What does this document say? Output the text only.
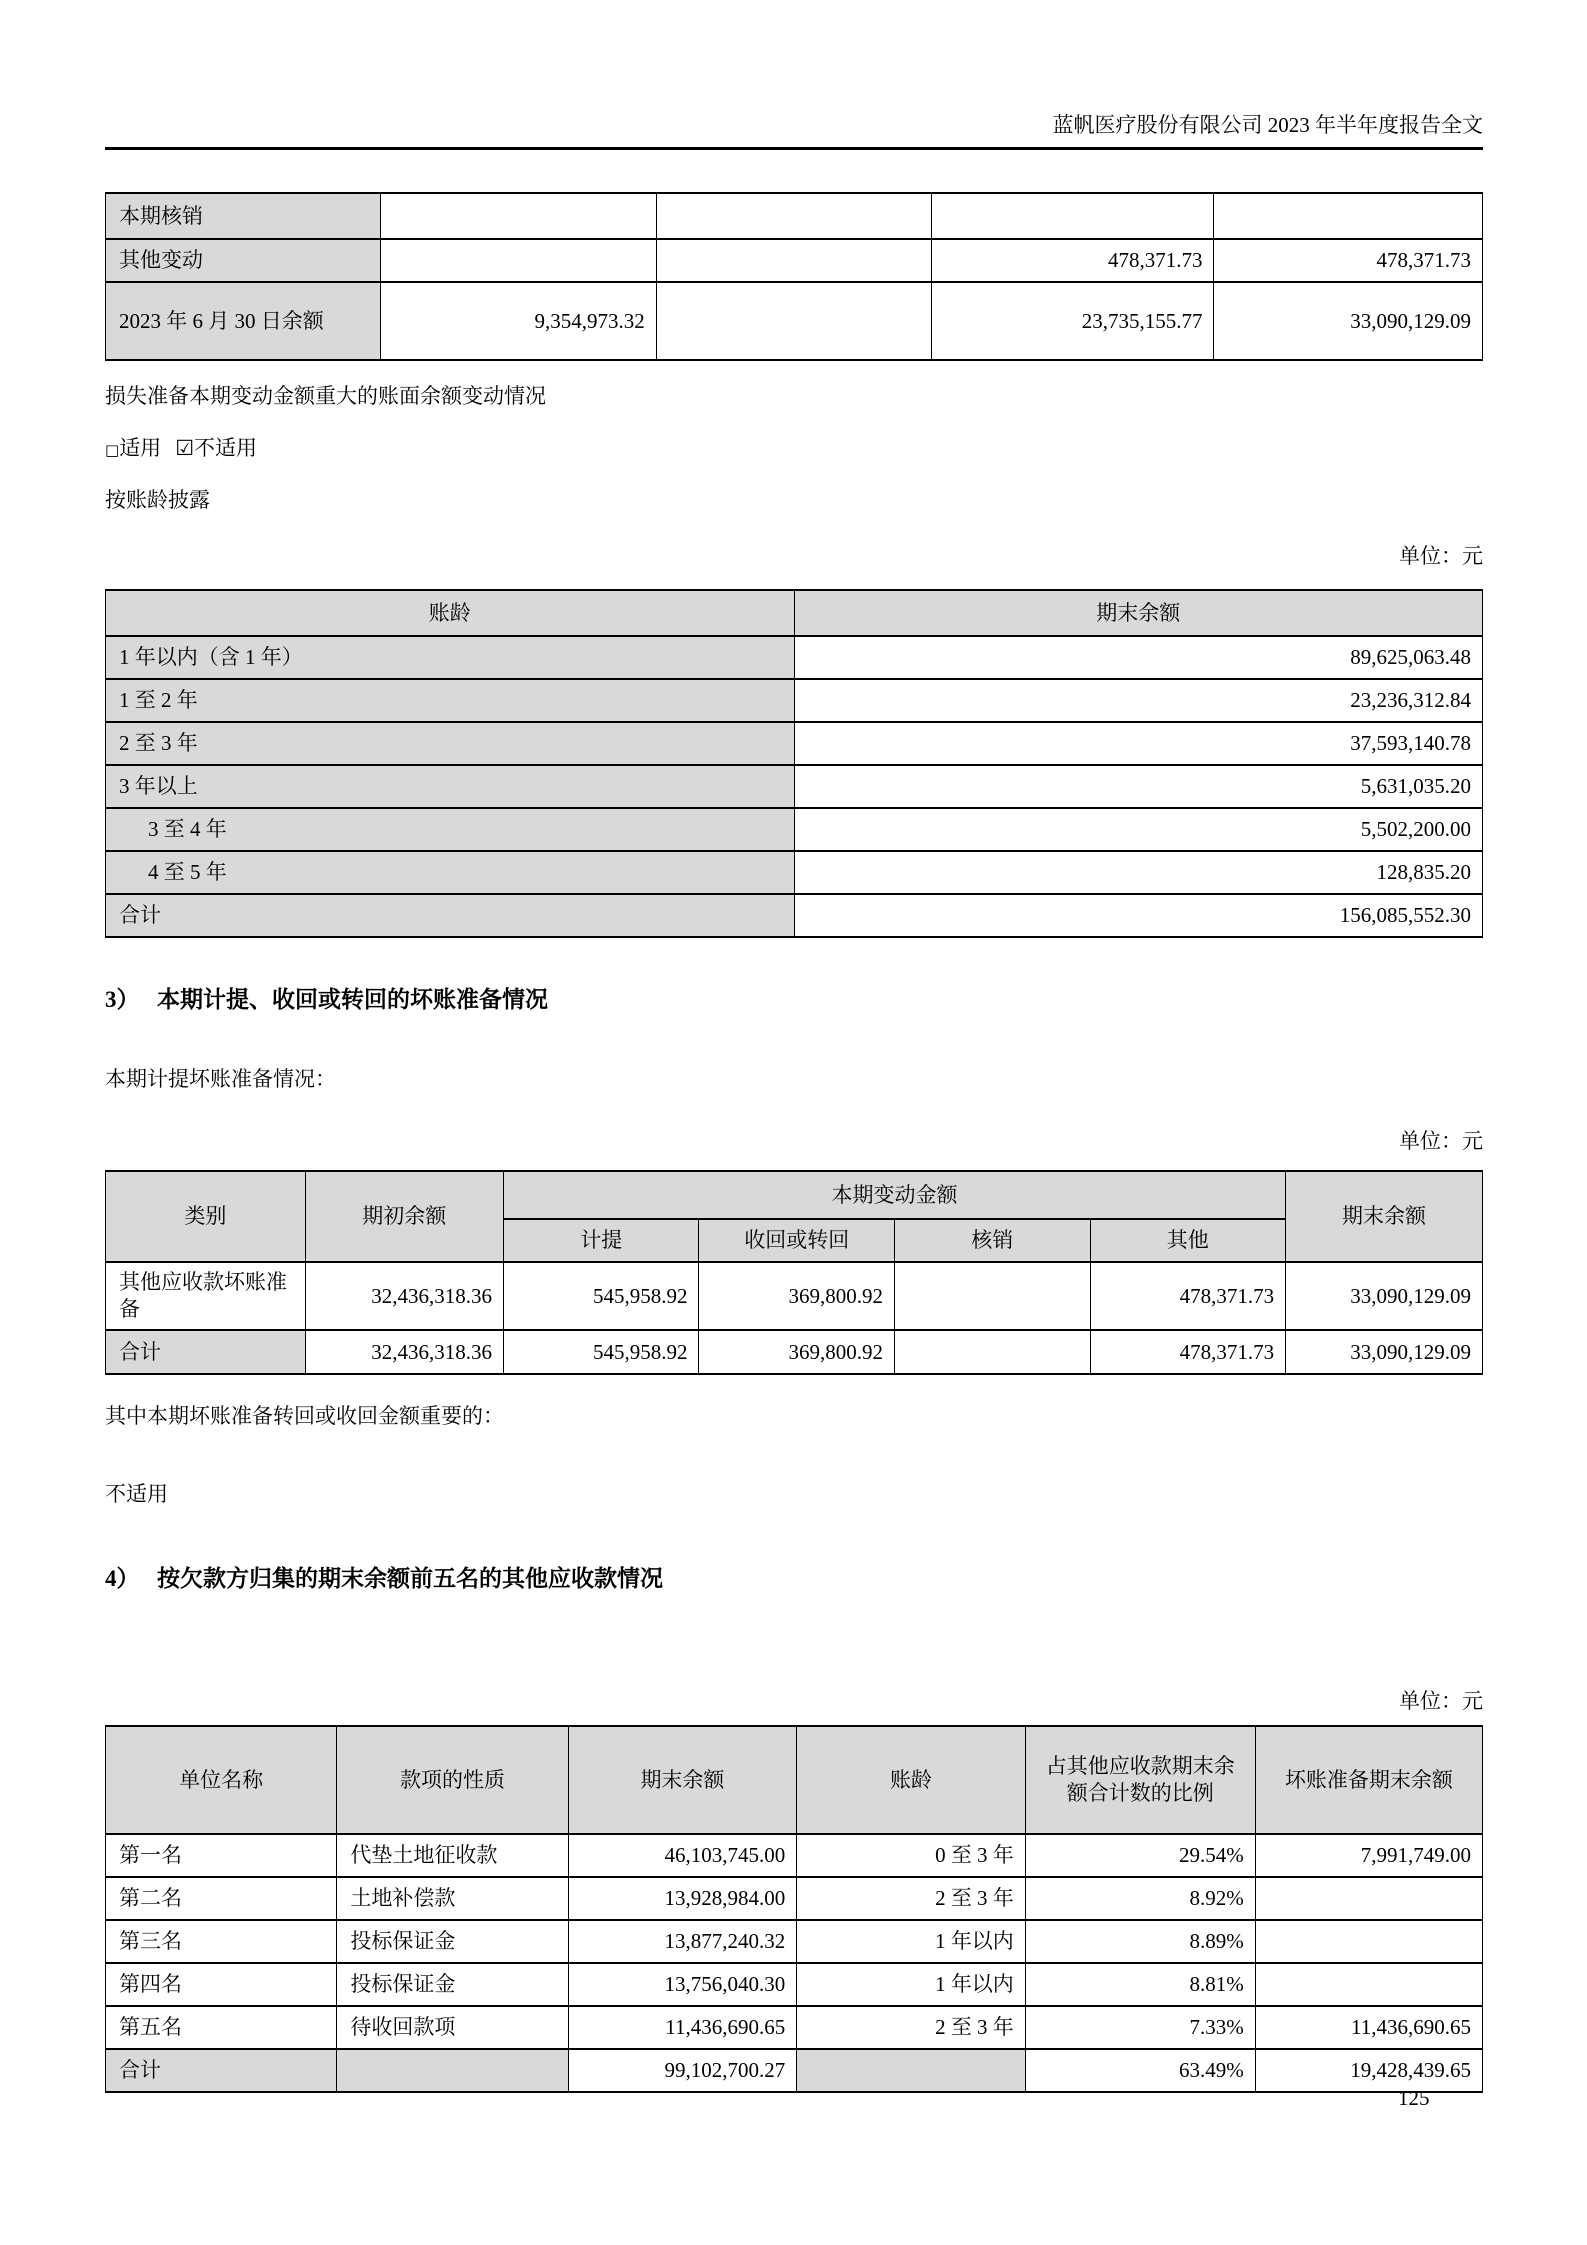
蓝帆医疗股份有限公司 2023 年半年度报告全文
本期核销				
其他变动			478,371.73	478,371.73
2023 年 6 月 30 日余额	9,354,973.32		23,735,155.77	33,090,129.09

损失准备本期变动金额重大的账面余额变动情况

□适用 ☑不适用

按账龄披露

单位：元
账龄	期末余额
1 年以内（含 1 年）	89,625,063.48
1 至 2 年	23,236,312.84
2 至 3 年	37,593,140.78
3 年以上	5,631,035.20
3 至 4 年	5,502,200.00
4 至 5 年	128,835.20
合计	156,085,552.30
3） 本期计提、收回或转回的坏账准备情况

本期计提坏账准备情况：

单位：元
类别	期初余额	本期变动金额				期末余额
		计提	收回或转回	核销	其他	
其他应收款坏账准备	32,436,318.36	545,958.92	369,800.92		478,371.73	33,090,129.09
合计	32,436,318.36	545,958.92	369,800.92		478,371.73	33,090,129.09

其中本期坏账准备转回或收回金额重要的：

不适用

4） 按欠款方归集的期末余额前五名的其他应收款情况
单位：元
单位名称	款项的性质	期末余额	账龄	占其他应收款期末余额合计数的比例	坏账准备期末余额
第一名	代垫土地征收款	46,103,745.00	0 至 3 年	29.54%	7,991,749.00
第二名	土地补偿款	13,928,984.00	2 至 3 年	8.92%	
第三名	投标保证金	13,877,240.32	1 年以内	8.89%	
第四名	投标保证金	13,756,040.30	1 年以内	8.81%	
第五名	待收回款项	11,436,690.65	2 至 3 年	7.33%	11,436,690.65
合计		99,102,700.27		63.49%	19,428,439.65
125
